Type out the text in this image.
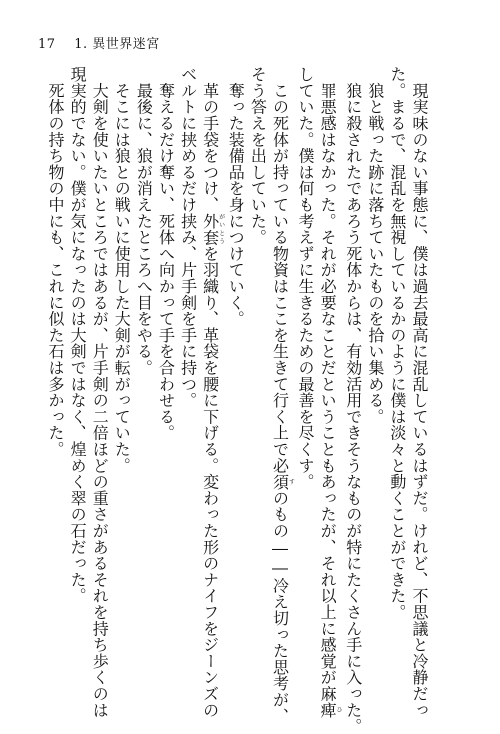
17 1. 異世界迷宮
　現実味のない事態に、僕は過去最高に混乱しているはずだ。けれど、不思議と冷静だっ
た。まるで、混乱を無視しているかのように僕は淡々と動くことができた。
　狼と戦った跡に落ちていたものを拾い集める。
　狼に殺されたであろう死体からは、有効活用できそうなものが特にたくさん手に入った。
　罪悪感はなかった。それが必要なことだということもあったが、それ以上に感覚が麻痺ひ
していた。僕は何も考えずに生きるための最善を尽くす。
　この死体が持っている物資はここを生きて行く上で必須すのもの――冷え切った思考が、
そう答えを出していた。
　奪った装備品を身につけていく。
　革の手袋をつけ、外套がいとうを羽織り、革袋を腰に下げる。変わった形のナイフをジーンズの
ベルトに挟めるだけ挟み、片手剣を手に持つ。
　奪えるだけ奪い、死体へ向かって手を合わせる。
　最後に、狼が消えたところへ目をやる。
　そこには狼との戦いに使用した大剣が転がっていた。
　大剣を使いたいところではあるが、片手剣の二倍ほどの重さがあるそれを持ち歩くのは
現実的でない。僕が気になったのは大剣ではなく、煌めく翠の石だった。
　死体の持ち物の中にも、これに似た石は多かった。
